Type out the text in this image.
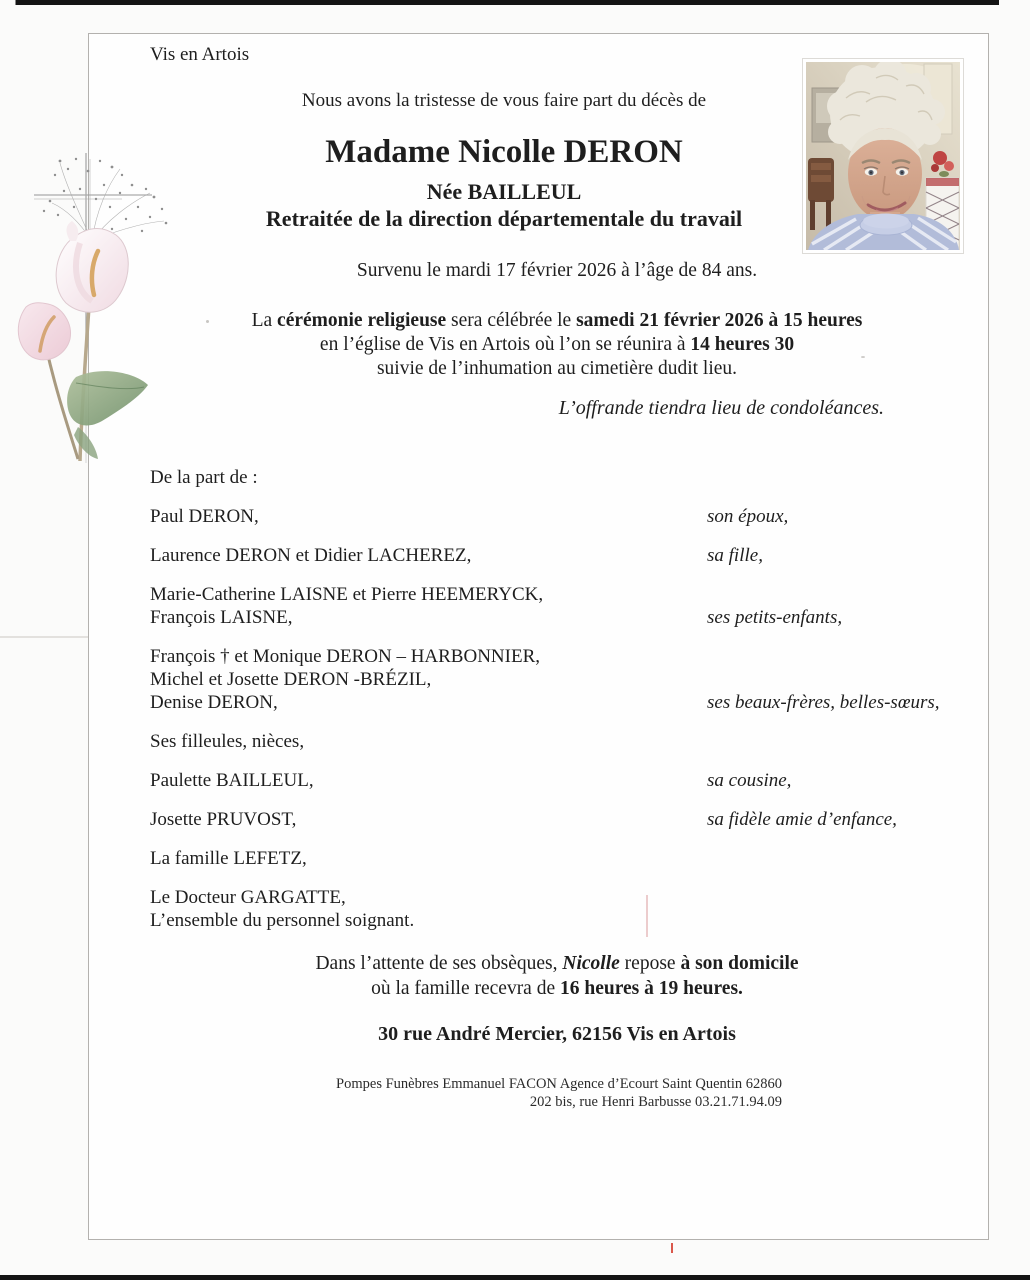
Vis en Artois
Nous avons la tristesse de vous faire part du décès de
Madame Nicolle DERON
Née BAILLEUL
Retraitée de la direction départementale du travail
Survenu le mardi 17 février 2026 à l’âge de 84 ans.
La cérémonie religieuse sera célébrée le samedi 21 février 2026 à 15 heures
en l’église de Vis en Artois où l’on se réunira à 14 heures 30
suivie de l’inhumation au cimetière dudit lieu.
L’offrande tiendra lieu de condoléances.
De la part de :
Paul DERON,	son époux,
Laurence DERON et Didier LACHEREZ,	sa fille,
Marie-Catherine LAISNE et Pierre HEEMERYCK,
François LAISNE,	ses petits-enfants,
François † et Monique DERON – HARBONNIER,
Michel et Josette DERON -BRÉZIL,
Denise DERON,	ses beaux-frères, belles-sœurs,
Ses filleules, nièces,
Paulette BAILLEUL,	sa cousine,
Josette PRUVOST,	sa fidèle amie d’enfance,
La famille LEFETZ,
Le Docteur GARGATTE,
L’ensemble du personnel soignant.
Dans l’attente de ses obsèques, Nicolle repose à son domicile
où la famille recevra de 16 heures à 19 heures.
30 rue André Mercier, 62156 Vis en Artois
Pompes Funèbres Emmanuel FACON Agence d’Ecourt Saint Quentin 62860
202 bis, rue Henri Barbusse 03.21.71.94.09
